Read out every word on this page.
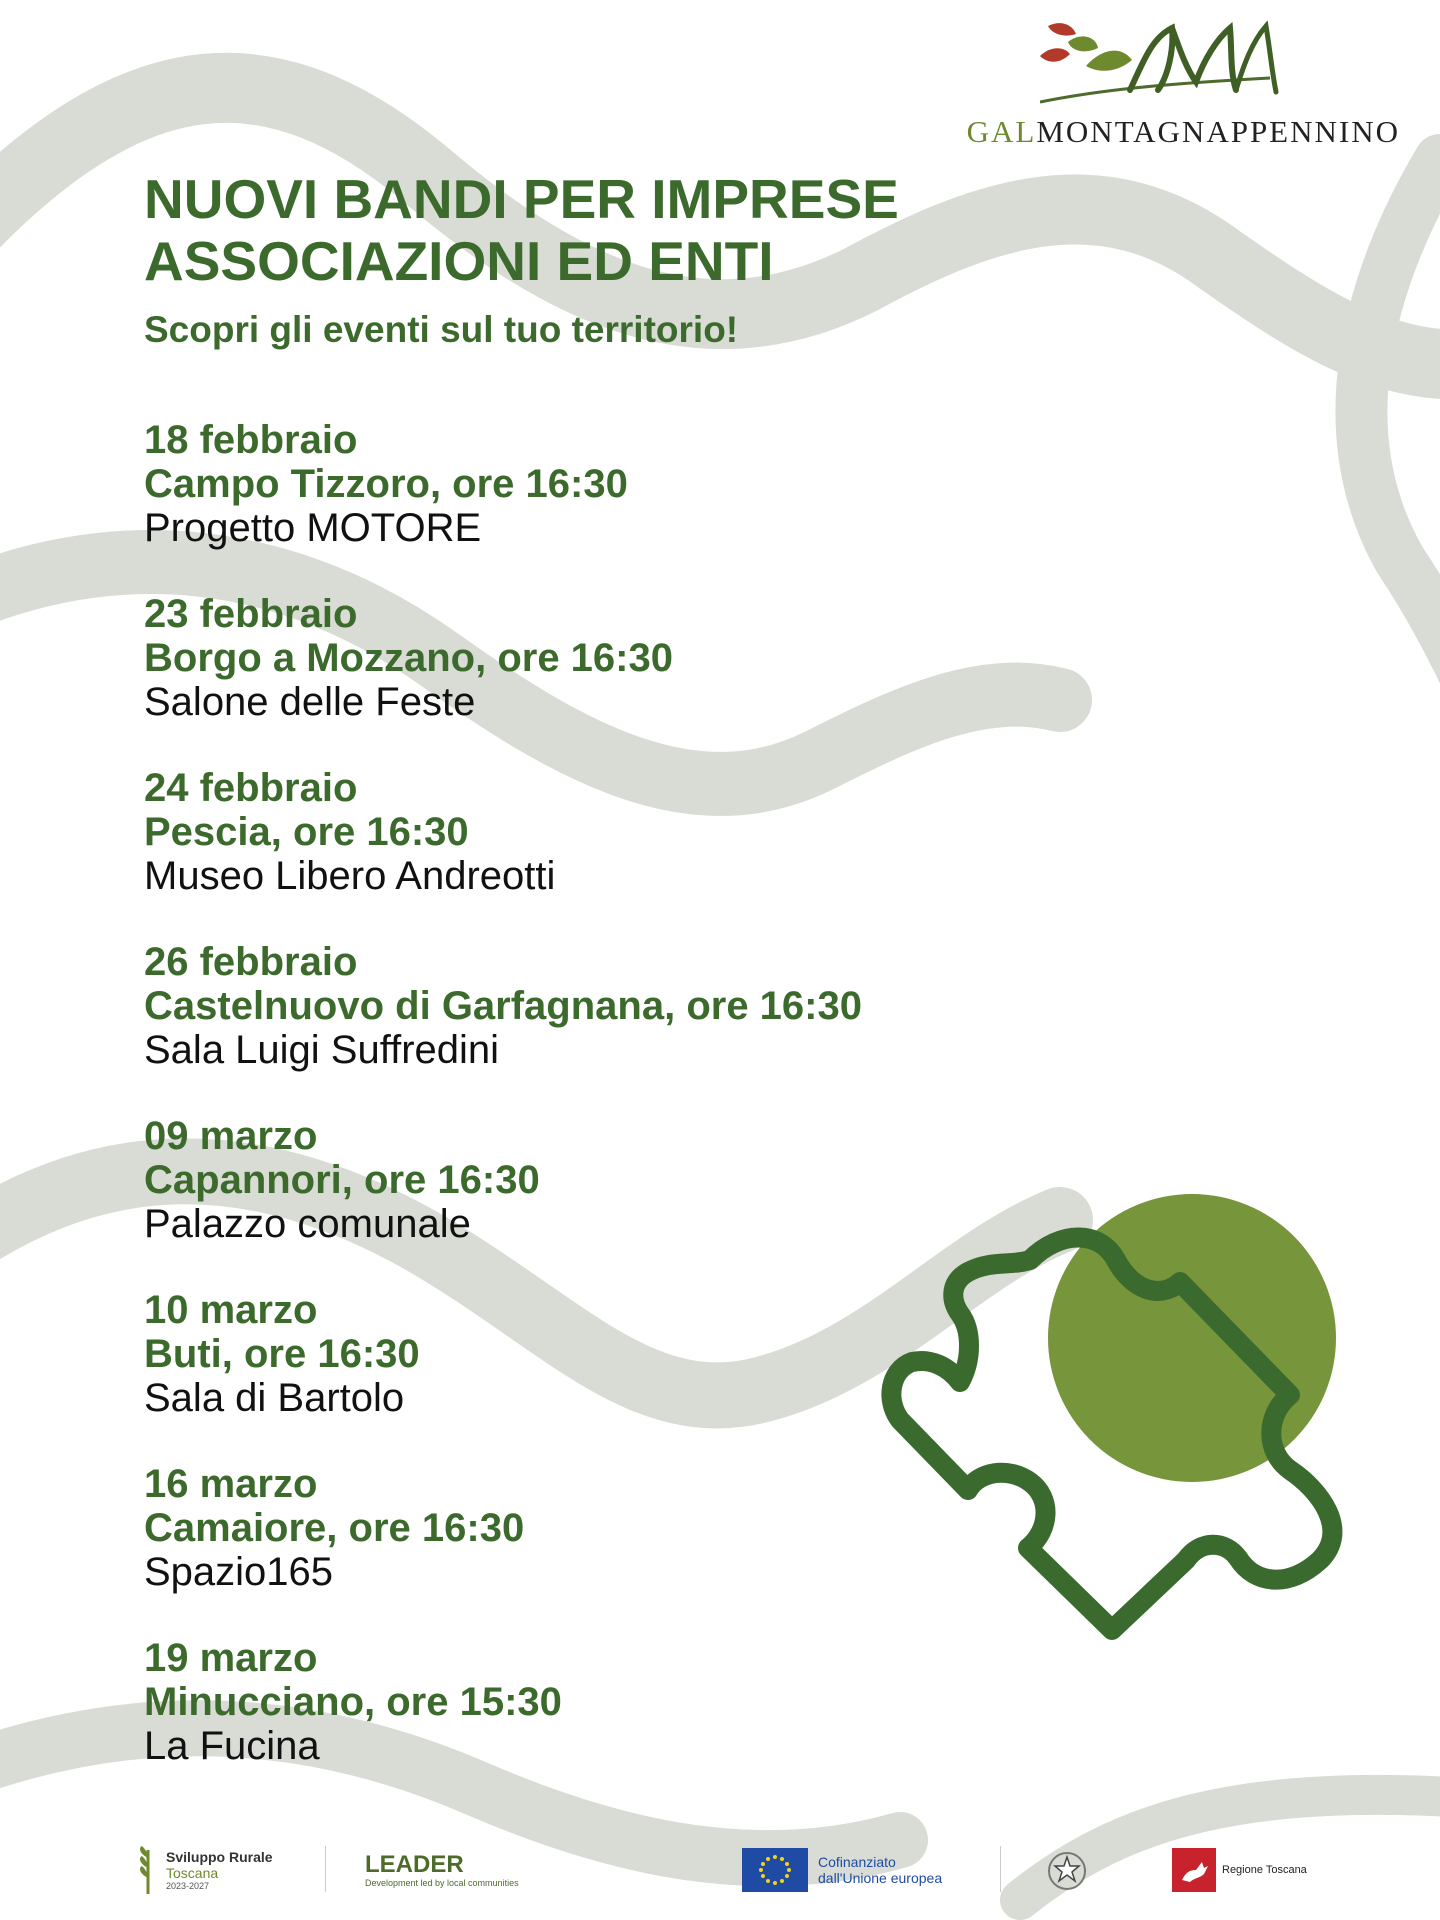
GALMONTAGNAPPENNINO
NUOVI BANDI PER IMPRESE
ASSOCIAZIONI ED ENTI
Scopri gli eventi sul tuo territorio!
18 febbraio
Campo Tizzoro, ore 16:30
Progetto MOTORE
23 febbraio
Borgo a Mozzano, ore 16:30
Salone delle Feste
24 febbraio
Pescia, ore 16:30
Museo Libero Andreotti
26 febbraio
Castelnuovo di Garfagnana, ore 16:30
Sala Luigi Suffredini
09 marzo
Capannori, ore 16:30
Palazzo comunale
10 marzo
Buti, ore 16:30
Sala di Bartolo
16 marzo
Camaiore, ore 16:30
Spazio165
19 marzo
Minucciano, ore 15:30
La Fucina
Sviluppo Rurale
Toscana
2023-2027
LEADER
Development led by local communities
Cofinanziato
dall'Unione europea	Regione Toscana
